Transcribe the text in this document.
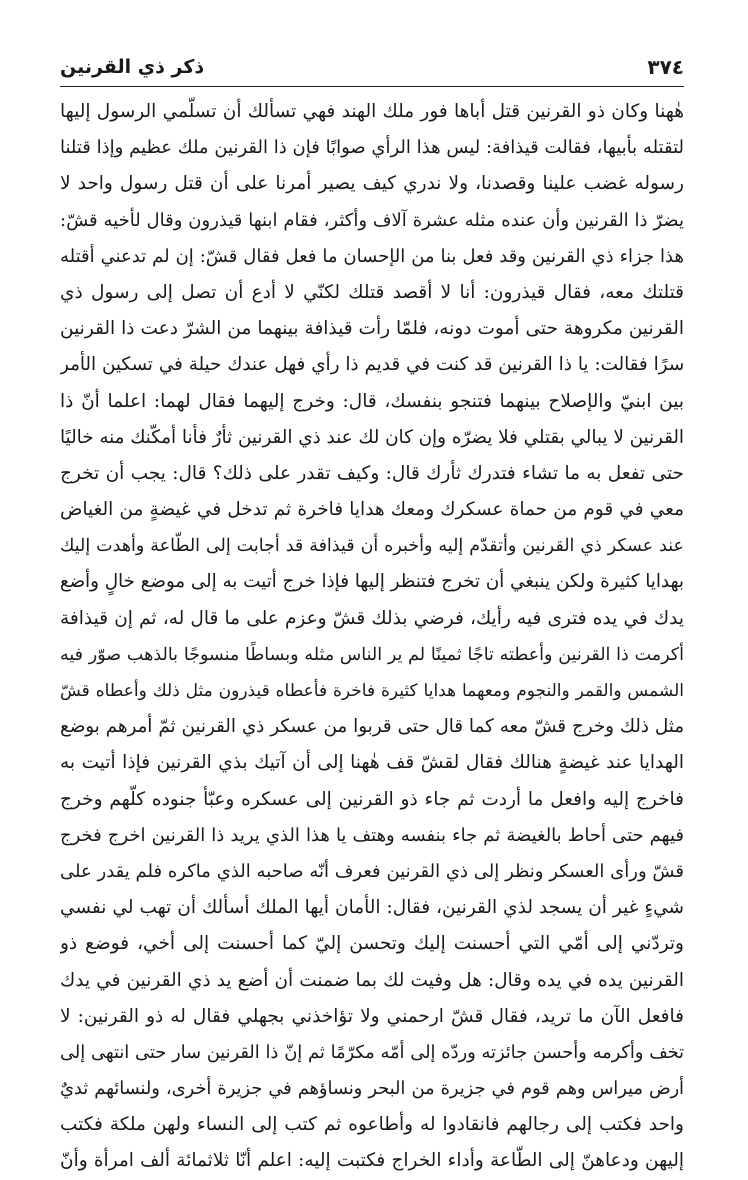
٣٧٤
ذكر ذي القرنين
هٰهنا وكان ذو القرنين قتل أباها فور ملك الهند فهي تسألك أن تسلّمي الرسول إليها
لتقتله بأبيها، فقالت قيذافة: ليس هذا الرأي صوابًا فإن ذا القرنين ملك عظيم وإذا قتلنا
رسوله غضب علينا وقصدنا، ولا ندري كيف يصير أمرنا على أن قتل رسول واحد لا
يضرّ ذا القرنين وأن عنده مثله عشرة آلاف وأكثر، فقام ابنها قيذرون وقال لأخيه قشّ:
هذا جزاء ذي القرنين وقد فعل بنا من الإحسان ما فعل فقال قشّ: إن لم تدعني أقتله
قتلتك معه، فقال قيذرون: أنا لا أقصد قتلك لكنّي لا أدع أن تصل إلى رسول ذي
القرنين مكروهة حتى أموت دونه، فلمّا رأت قيذافة بينهما من الشرّ دعت ذا القرنين
سرًا فقالت: يا ذا القرنين قد كنت في قديم ذا رأي فهل عندك حيلة في تسكين الأمر
بين ابنيّ والإصلاح بينهما فتنجو بنفسك، قال: وخرج إليهما فقال لهما: اعلما أنّ ذا
القرنين لا يبالي بقتلي فلا يضرّه وإن كان لك عند ذي القرنين ثأرٌ فأنا أمكّنك منه خاليًا
حتى تفعل به ما تشاء فتدرك ثأرك قال: وكيف تقدر على ذلك؟ قال: يجب أن تخرج
معي في قوم من حماة عسكرك ومعك هدايا فاخرة ثم تدخل في غيضةٍ من الغياض
عند عسكر ذي القرنين وأتقدّم إليه وأخبره أن قيذافة قد أجابت إلى الطّاعة وأهدت إليك
بهدايا كثيرة ولكن ينبغي أن تخرج فتنظر إليها فإذا خرج أتيت به إلى موضع خالٍ وأضع
يدك في يده فترى فيه رأيك، فرضي بذلك قشّ وعزم على ما قال له، ثم إن قيذافة
أكرمت ذا القرنين وأعطته تاجًا ثمينًا لم ير الناس مثله وبساطًا منسوجًا بالذهب صوّر فيه
الشمس والقمر والنجوم ومعهما هدايا كثيرة فاخرة فأعطاه قيذرون مثل ذلك وأعطاه قشّ
مثل ذلك وخرج قشّ معه كما قال حتى قربوا من عسكر ذي القرنين ثمّ أمرهم بوضع
الهدايا عند غيضةٍ هنالك فقال لقشّ قف هٰهنا إلى أن آتيك بذي القرنين فإذا أتيت به
فاخرج إليه وافعل ما أردت ثم جاء ذو القرنين إلى عسكره وعبّأ جنوده كلّهم وخرج
فيهم حتى أحاط بالغيضة ثم جاء بنفسه وهتف يا هذا الذي يريد ذا القرنين اخرج فخرج
قشّ ورأى العسكر ونظر إلى ذي القرنين فعرف أنّه صاحبه الذي ماكره فلم يقدر على
شيءٍ غير أن يسجد لذي القرنين، فقال: الأمان أيها الملك أسألك أن تهب لي نفسي
وتردّني إلى أمّي التي أحسنت إليك وتحسن إليّ كما أحسنت إلى أخي، فوضع ذو
القرنين يده في يده وقال: هل وفيت لك بما ضمنت أن أضع يد ذي القرنين في يدك
فافعل الآن ما تريد، فقال قشّ ارحمني ولا تؤاخذني بجهلي فقال له ذو القرنين: لا
تخف وأكرمه وأحسن جائزته وردّه إلى أمّه مكرّمًا ثم إنّ ذا القرنين سار حتى انتهى إلى
أرض ميراس وهم قوم في جزيرة من البحر ونساؤهم في جزيرة أخرى، ولنسائهم ثديٌ
واحد فكتب إلى رجالهم فانقادوا له وأطاعوه ثم كتب إلى النساء ولهن ملكة فكتب
إليهن ودعاهنّ إلى الطّاعة وأداء الخراج فكتبت إليه: اعلم أنّا ثلاثمائة ألف امرأة وأنّ
